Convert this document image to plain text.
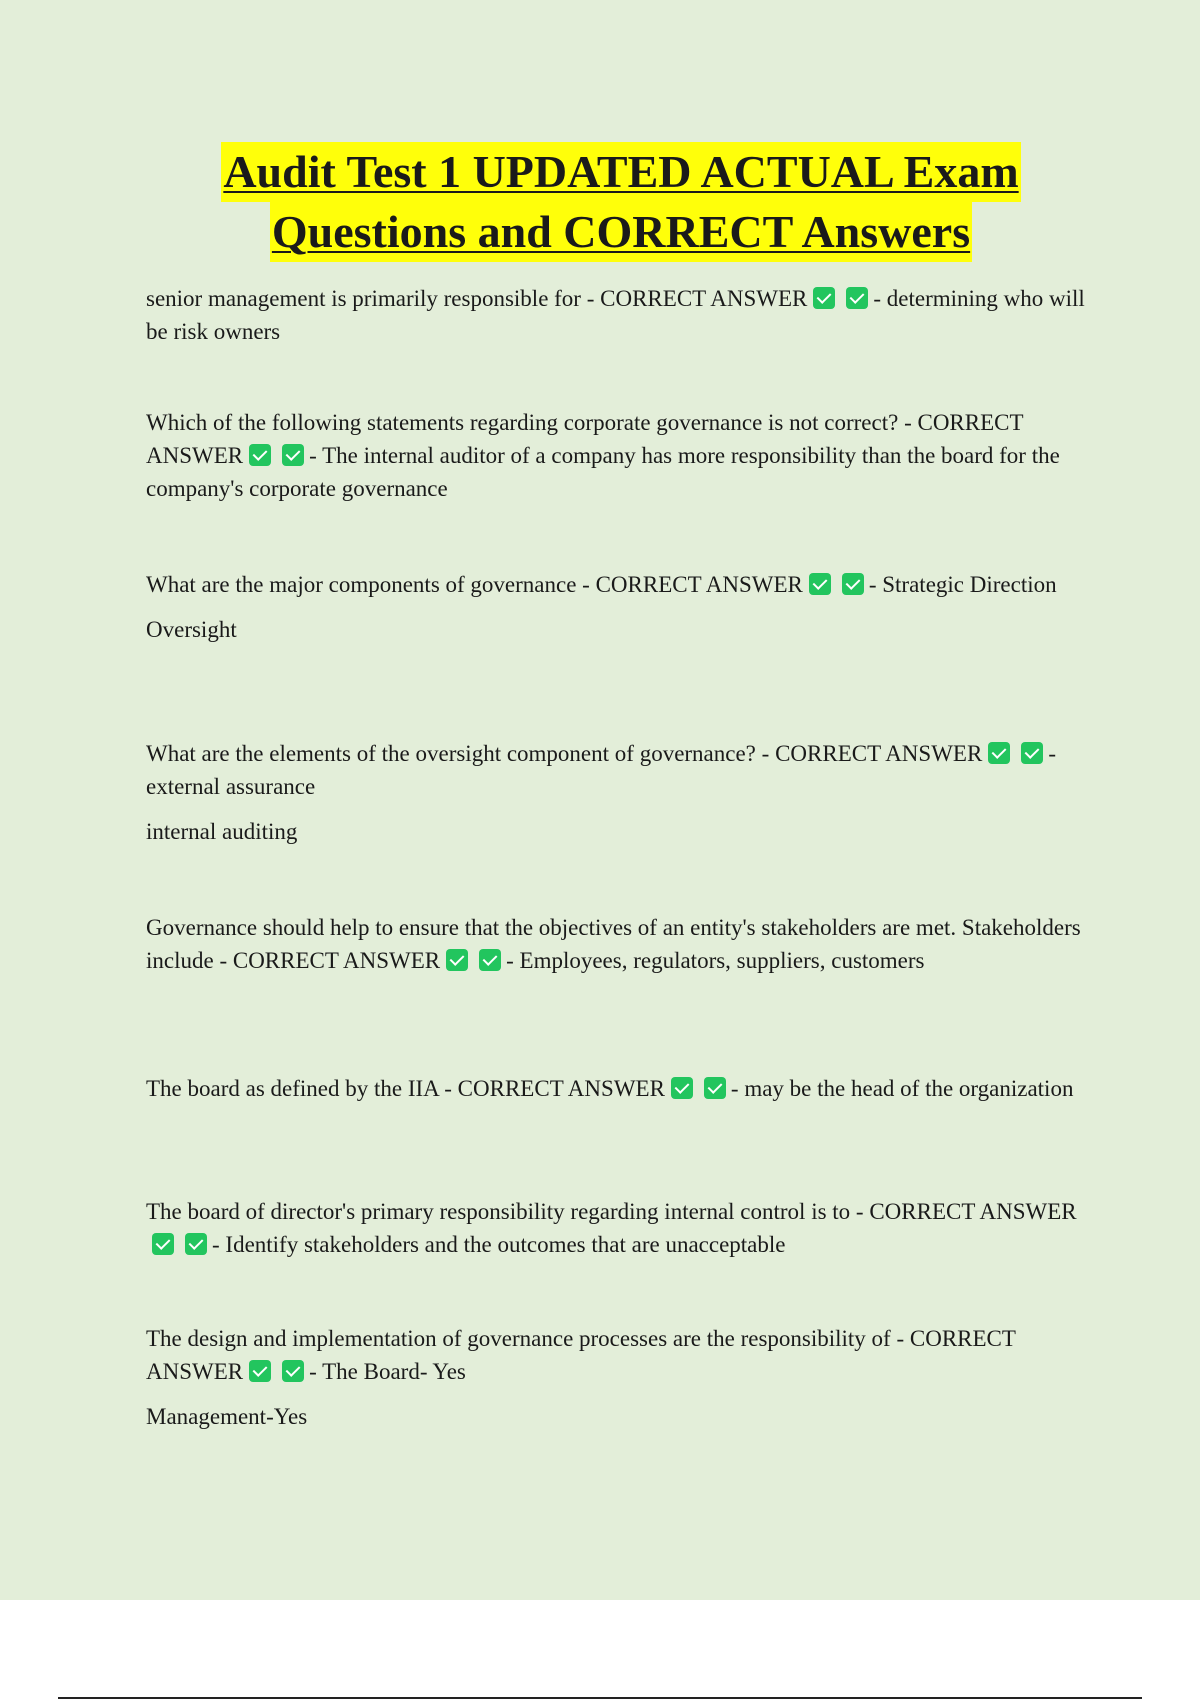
Audit Test 1 UPDATED ACTUAL Exam
Questions and CORRECT Answers

senior management is primarily responsible for - CORRECT ANSWER	- determining who will be risk owners

Which of the following statements regarding corporate governance is not correct? - CORRECT ANSWER	- The internal auditor of a company has more responsibility than the board for the company's corporate governance

What are the major components of governance - CORRECT ANSWER	- Strategic Direction

Oversight

What are the elements of the oversight component of governance? - CORRECT ANSWER	- external assurance

internal auditing

Governance should help to ensure that the objectives of an entity's stakeholders are met. Stakeholders include - CORRECT ANSWER	- Employees, regulators, suppliers, customers

The board as defined by the IIA - CORRECT ANSWER	- may be the head of the organization

The board of director's primary responsibility regarding internal control is to - CORRECT ANSWER- Identify stakeholders and the outcomes that are unacceptable

The design and implementation of governance processes are the responsibility of - CORRECT ANSWER	- The Board- Yes

Management-Yes
